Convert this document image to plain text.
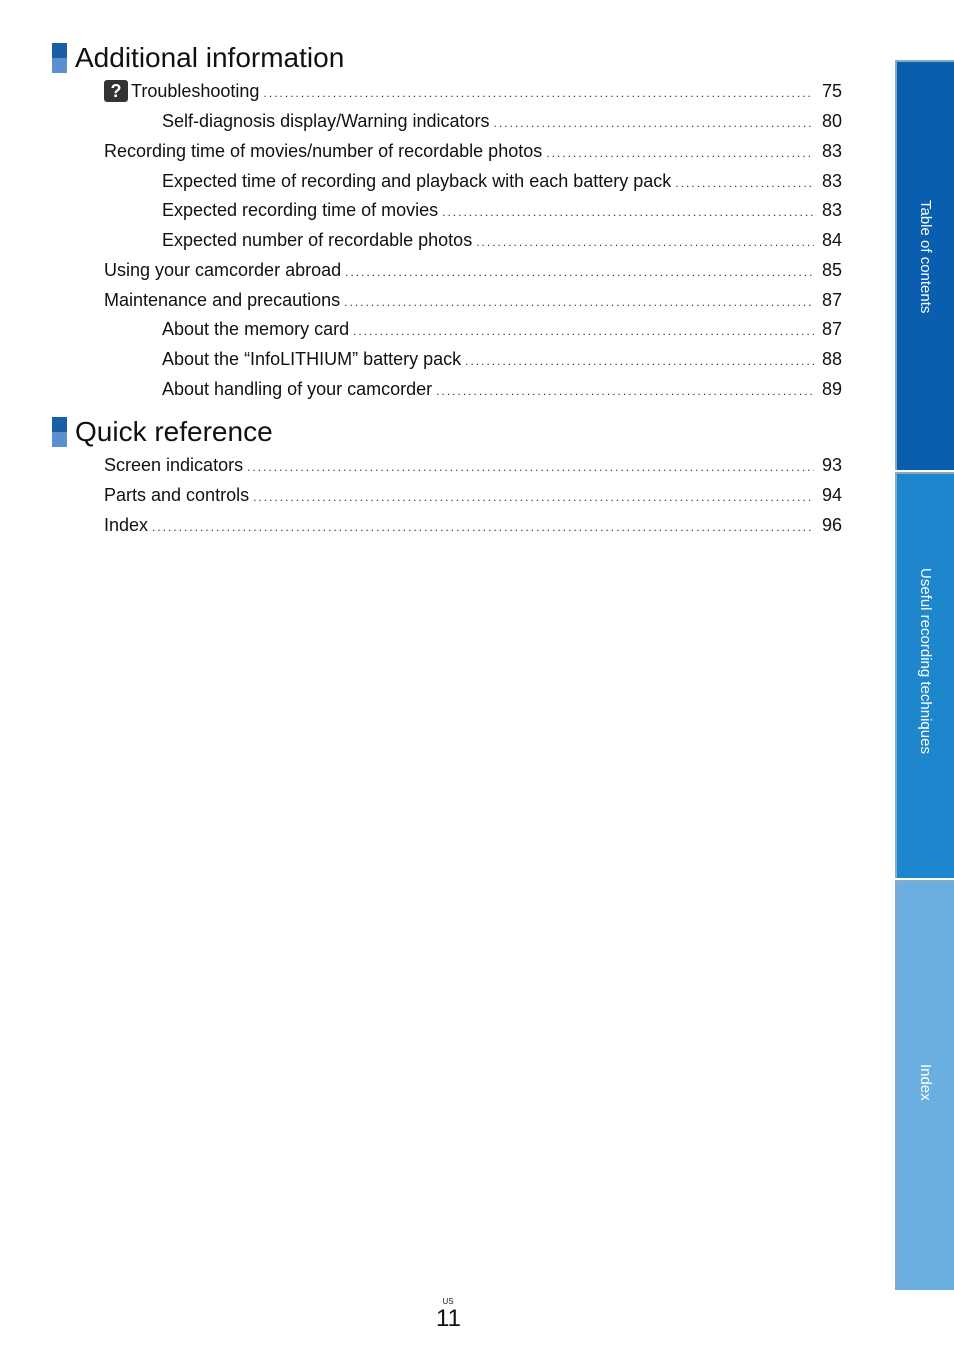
Additional information
? Troubleshooting .....	75
Self-diagnosis display/Warning indicators .....	80
Recording time of movies/number of recordable photos .....	83
Expected time of recording and playback with each battery pack .....	83
Expected recording time of movies .....	83
Expected number of recordable photos .....	84
Using your camcorder abroad .....	85
Maintenance and precautions .....	87
About the memory card .....	87
About the “InfoLITHIUM” battery pack .....	88
About handling of your camcorder .....	89
Quick reference
Screen indicators .....	93
Parts and controls .....	94
Index .....	96
Table of contents
Useful recording techniques
Index
US
11
